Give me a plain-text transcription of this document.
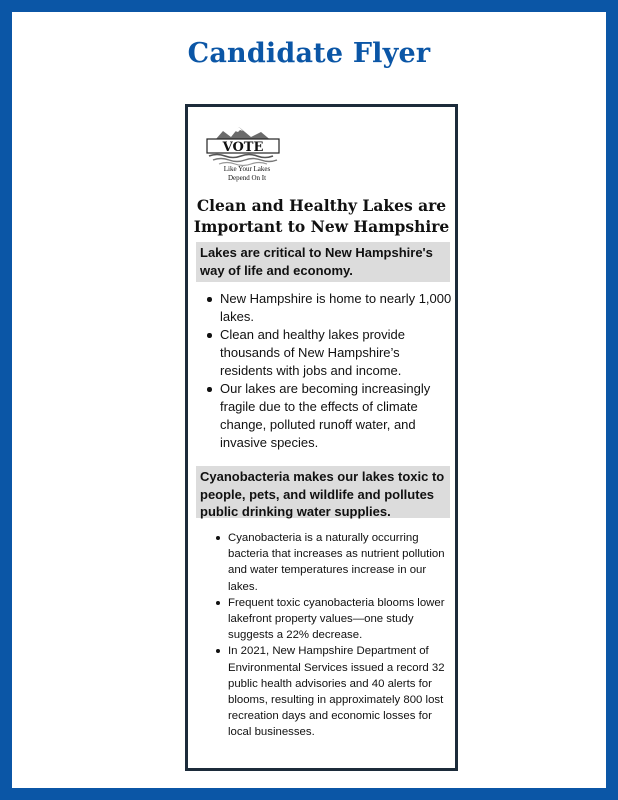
Candidate Flyer
VOTE
Like Your Lakes
Depend On It
Clean and Healthy Lakes are
Important to New Hampshire
Lakes are critical to New Hampshire's way of life and economy.
New Hampshire is home to nearly 1,000 lakes.
Clean and healthy lakes provide thousands of New Hampshire’s residents with jobs and income.
Our lakes are becoming increasingly fragile due to the effects of climate change, polluted runoff water, and invasive species.
Cyanobacteria makes our lakes toxic to people, pets, and wildlife and pollutes public drinking water supplies.
Cyanobacteria is a naturally occurring bacteria that increases as nutrient pollution and water temperatures increase in our lakes.
Frequent toxic cyanobacteria blooms lower lakefront property values—one study suggests a 22% decrease.
In 2021, New Hampshire Department of Environmental Services issued a record 32 public health advisories and 40 alerts for blooms, resulting in approximately 800 lost recreation days and economic losses for local businesses.
